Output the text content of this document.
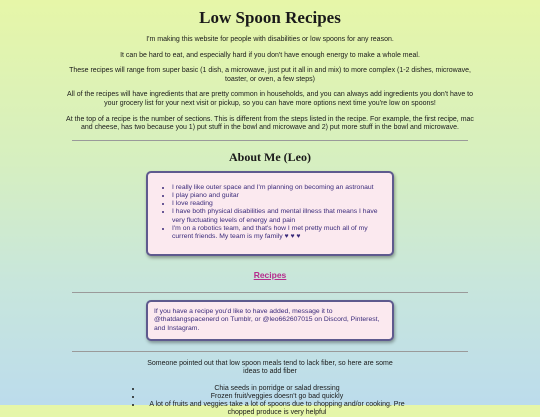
Low Spoon Recipes

I'm making this website for people with disabilities or low spoons for any reason.

It can be hard to eat, and especially hard if you don't have enough energy to make a whole meal.

These recipes will range from super basic (1 dish, a microwave, just put it all in and mix) to more complex (1-2 dishes, microwave, toaster, or oven, a few steps)

All of the recipes will have ingredients that are pretty common in households, and you can always add ingredients you don't have to your grocery list for your next visit or pickup, so you can have more options next time you're low on spoons!

At the top of a recipe is the number of sections. This is different from the steps listed in the recipe. For example, the first recipe, mac and cheese, has two because you 1) put stuff in the bowl and microwave and 2) put more stuff in the bowl and microwave.

About Me (Leo)
• I really like outer space and I'm planning on becoming an astronaut
• I play piano and guitar
• I love reading
• I have both physical disabilities and mental illness that means I have very fluctuating levels of energy and pain
• I'm on a robotics team, and that's how I met pretty much all of my current friends. My team is my family ♥ ♥ ♥
Recipes
If you have a recipe you'd like to have added, message it to @thatdangspacenerd on Tumblr, or @leo662607015 on Discord, Pinterest, and Instagram.
Someone pointed out that low spoon meals tend to lack fiber, so here are some ideas to add fiber
• Chia seeds in porridge or salad dressing
• Frozen fruit/veggies doesn't go bad quickly
• A lot of fruits and veggies take a lot of spoons due to chopping and/or cooking. Pre chopped produce is very helpful
